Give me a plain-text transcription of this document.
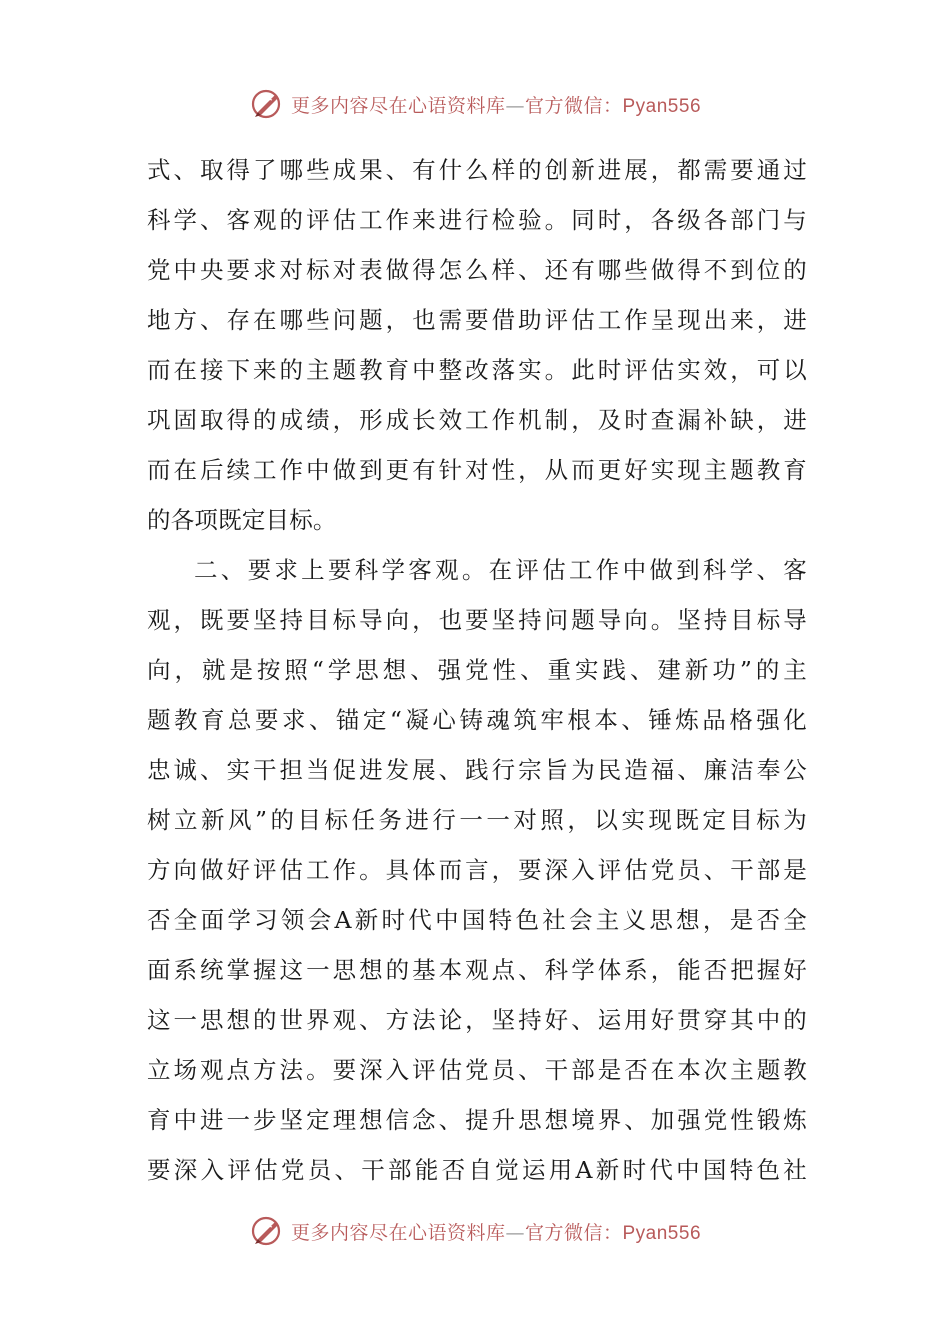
更多内容尽在心语资料库—官方微信：Pyan556
式、取得了哪些成果、有什么样的创新进展，都需要通过
科学、客观的评估工作来进行检验。同时，各级各部门与
党中央要求对标对表做得怎么样、还有哪些做得不到位的
地方、存在哪些问题，也需要借助评估工作呈现出来，进
而在接下来的主题教育中整改落实。此时评估实效，可以
巩固取得的成绩，形成长效工作机制，及时查漏补缺，进
而在后续工作中做到更有针对性，从而更好实现主题教育
的各项既定目标。
二、要求上要科学客观。在评估工作中做到科学、客
观，既要坚持目标导向，也要坚持问题导向。坚持目标导
向，就是按照“学思想、强党性、重实践、建新功”的主
题教育总要求、锚定“凝心铸魂筑牢根本、锤炼品格强化
忠诚、实干担当促进发展、践行宗旨为民造福、廉洁奉公
树立新风”的目标任务进行一一对照，以实现既定目标为
方向做好评估工作。具体而言，要深入评估党员、干部是
否全面学习领会A新时代中国特色社会主义思想，是否全
面系统掌握这一思想的基本观点、科学体系，能否把握好
这一思想的世界观、方法论，坚持好、运用好贯穿其中的
立场观点方法。要深入评估党员、干部是否在本次主题教
育中进一步坚定理想信念、提升思想境界、加强党性锻炼
要深入评估党员、干部能否自觉运用A新时代中国特色社
更多内容尽在心语资料库—官方微信：Pyan556
